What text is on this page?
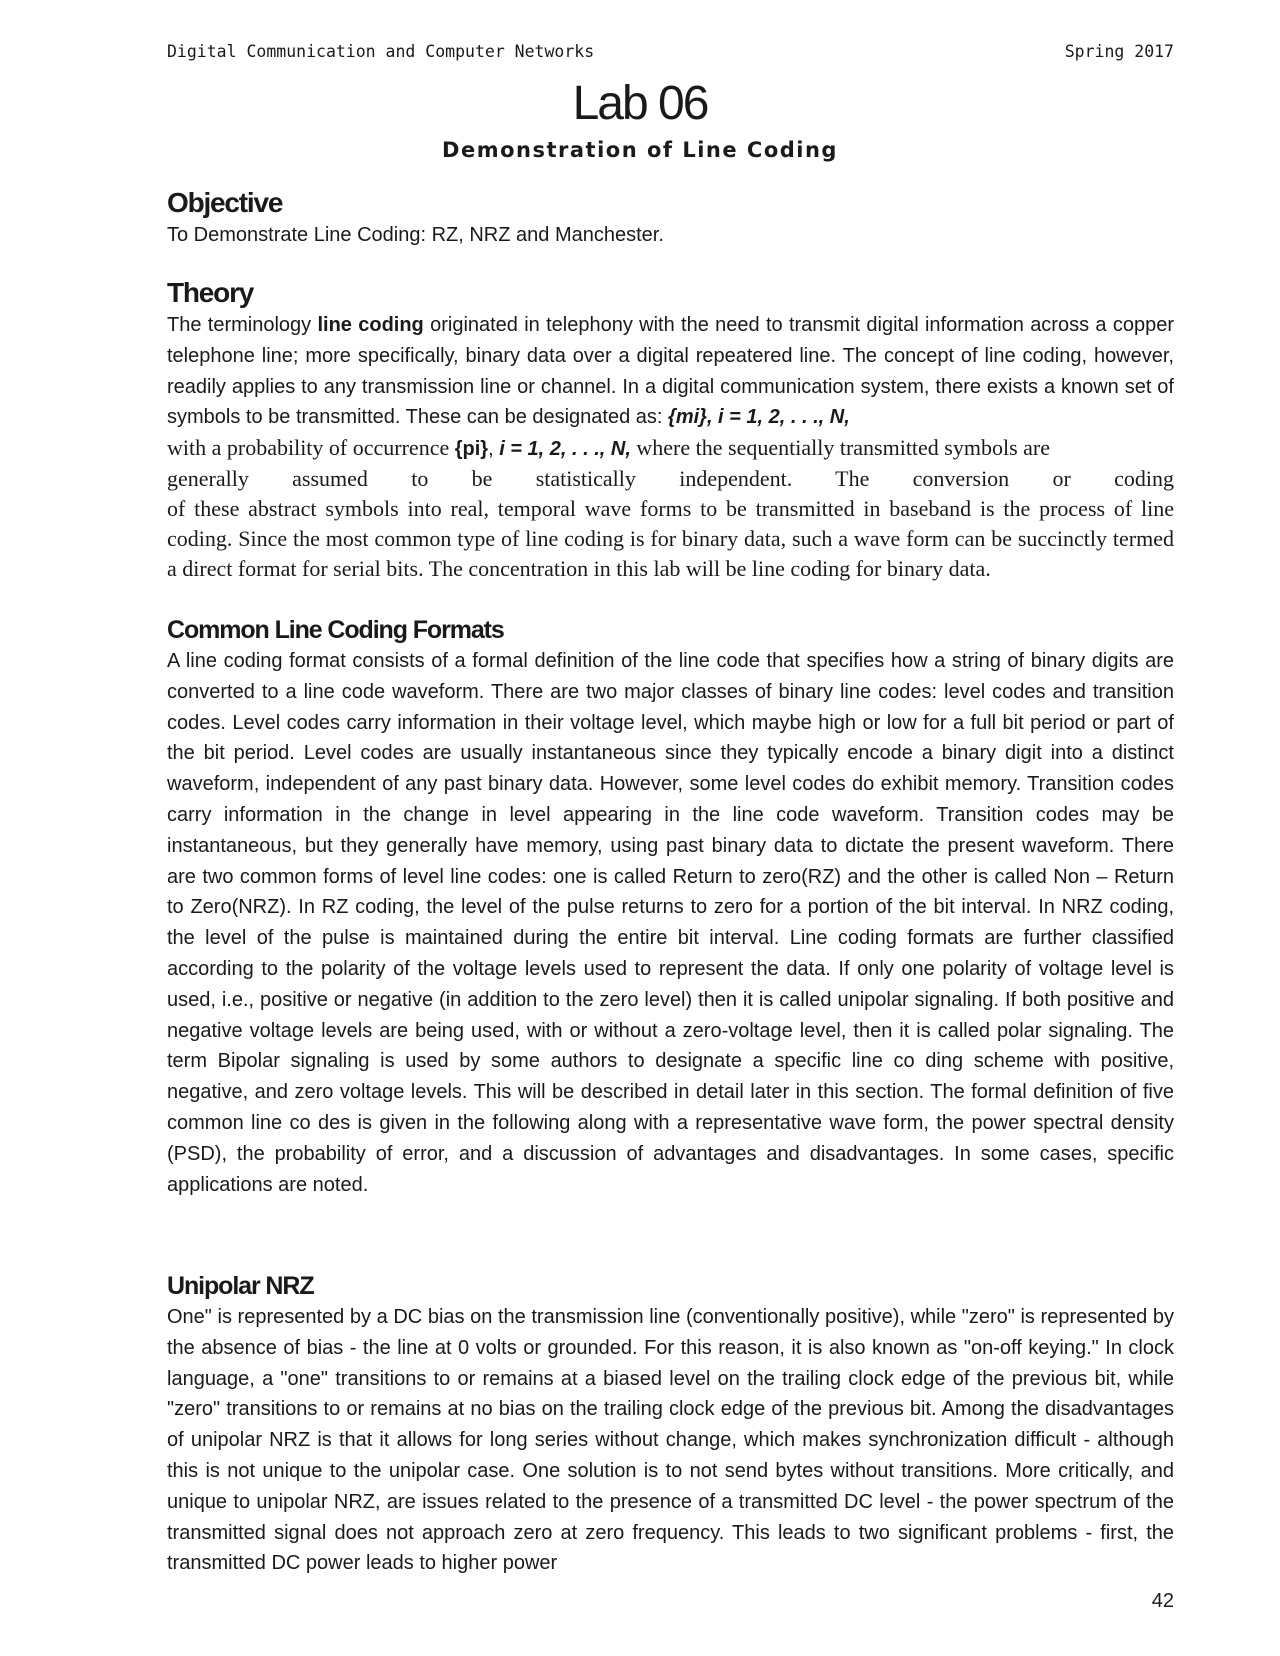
Digital Communication and Computer Networks	Spring 2017
Lab 06
Demonstration of Line Coding
Objective

To Demonstrate Line Coding: RZ, NRZ and Manchester.

Theory

The terminology line coding originated in telephony with the need to transmit digital information across a copper telephone line; more specifically, binary data over a digital repeatered line. The concept of line coding, however, readily applies to any transmission line or channel. In a digital communication system, there exists a known set of symbols to be transmitted. These can be designated as: {mi}, i = 1, 2, . . ., N,

with a probability of occurrence {pi}, i = 1, 2, . . ., N, where the sequentially transmitted symbols are

generally assumed to be statistically independent. The conversion or coding

of these abstract symbols into real, temporal wave forms to be transmitted in baseband is the process of line coding. Since the most common type of line coding is for binary data, such a wave form can be succinctly termed a direct format for serial bits. The concentration in this lab will be line coding for binary data.

Common Line Coding Formats

A line coding format consists of a formal definition of the line code that specifies how a string of binary digits are converted to a line code waveform. There are two major classes of binary line codes: level codes and transition codes. Level codes carry information in their voltage level, which maybe high or low for a full bit period or part of the bit period. Level codes are usually instantaneous since they typically encode a binary digit into a distinct waveform, independent of any past binary data. However, some level codes do exhibit memory. Transition codes carry information in the change in level appearing in the line code waveform. Transition codes may be instantaneous, but they generally have memory, using past binary data to dictate the present waveform. There are two common forms of level line codes: one is called Return to zero(RZ) and the other is called Non – Return to Zero(NRZ). In RZ coding, the level of the pulse returns to zero for a portion of the bit interval. In NRZ coding, the level of the pulse is maintained during the entire bit interval. Line coding formats are further classified according to the polarity of the voltage levels used to represent the data. If only one polarity of voltage level is used, i.e., positive or negative (in addition to the zero level) then it is called unipolar signaling. If both positive and negative voltage levels are being used, with or without a zero-voltage level, then it is called polar signaling. The term Bipolar signaling is used by some authors to designate a specific line co ding scheme with positive, negative, and zero voltage levels. This will be described in detail later in this section. The formal definition of five common line co des is given in the following along with a representative wave form, the power spectral density (PSD), the probability of error, and a discussion of advantages and disadvantages. In some cases, specific applications are noted.

Unipolar NRZ

One" is represented by a DC bias on the transmission line (conventionally positive), while "zero" is represented by the absence of bias - the line at 0 volts or grounded. For this reason, it is also known as "on-off keying." In clock language, a "one" transitions to or remains at a biased level on the trailing clock edge of the previous bit, while "zero" transitions to or remains at no bias on the trailing clock edge of the previous bit. Among the disadvantages of unipolar NRZ is that it allows for long series without change, which makes synchronization difficult - although this is not unique to the unipolar case. One solution is to not send bytes without transitions. More critically, and unique to unipolar NRZ, are issues related to the presence of a transmitted DC level - the power spectrum of the transmitted signal does not approach zero at zero frequency. This leads to two significant problems - first, the transmitted DC power leads to higher power

42
